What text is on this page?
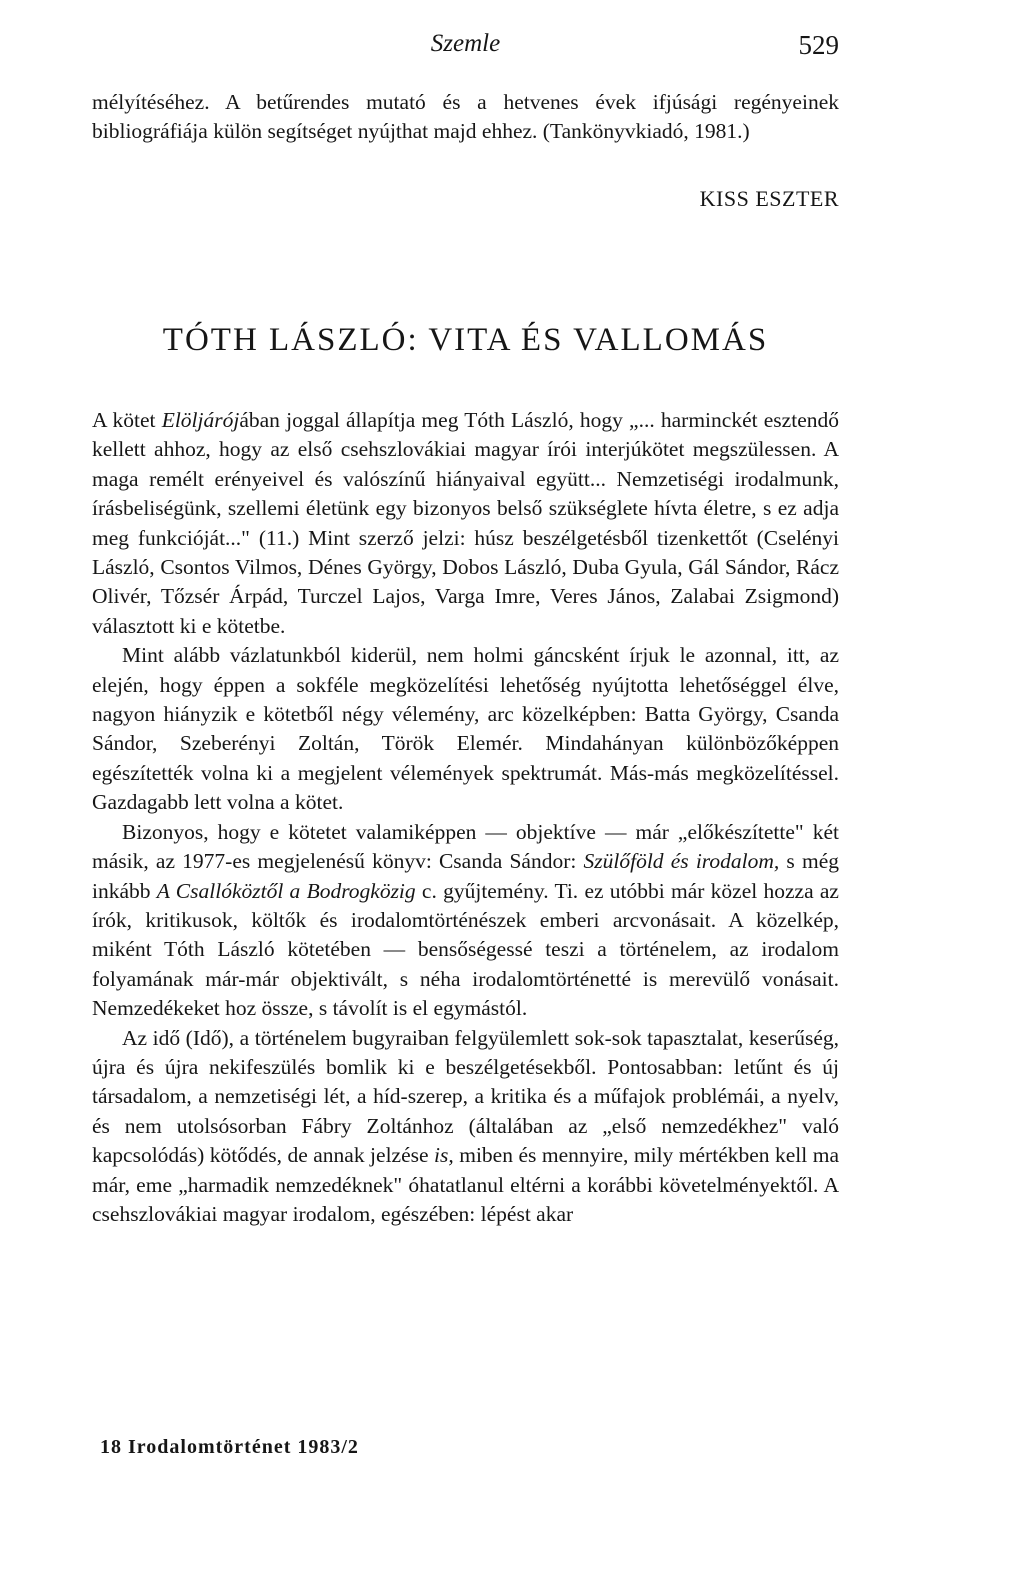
Szemle	529
mélyítéséhez. A betűrendes mutató és a hetvenes évek ifjúsági regényeinek bibliográfiája külön segítséget nyújthat majd ehhez. (Tankönyvkiadó, 1981.)
KISS ESZTER
TÓTH LÁSZLÓ: VITA ÉS VALLOMÁS

A kötet Elöljárójában joggal állapítja meg Tóth László, hogy „... harminckét esztendő kellett ahhoz, hogy az első csehszlovákiai magyar írói interjúkötet megszülessen. A maga remélt erényeivel és valószínű hiányaival együtt... Nemzetiségi irodalmunk, írásbeliségünk, szellemi életünk egy bizonyos belső szükséglete hívta életre, s ez adja meg funkcióját..." (11.) Mint szerző jelzi: húsz beszélgetésből tizenkettőt (Cselényi László, Csontos Vilmos, Dénes György, Dobos László, Duba Gyula, Gál Sándor, Rácz Olivér, Tőzsér Árpád, Turczel Lajos, Varga Imre, Veres János, Zalabai Zsigmond) választott ki e kötetbe.

Mint alább vázlatunkból kiderül, nem holmi gáncsként írjuk le azonnal, itt, az elején, hogy éppen a sokféle megközelítési lehetőség nyújtotta lehetőséggel élve, nagyon hiányzik e kötetből négy vélemény, arc közelképben: Batta György, Csanda Sándor, Szeberényi Zoltán, Török Elemér. Mindahányan különbözőképpen egészítették volna ki a megjelent vélemények spektrumát. Más-más megközelítéssel. Gazdagabb lett volna a kötet.

Bizonyos, hogy e kötetet valamiképpen — objektíve — már „előkészítette" két másik, az 1977-es megjelenésű könyv: Csanda Sándor: Szülőföld és irodalom, s még inkább A Csallóköztől a Bodrogközig c. gyűjtemény. Ti. ez utóbbi már közel hozza az írók, kritikusok, költők és irodalomtörténészek emberi arcvonásait. A közelkép, miként Tóth László kötetében — bensőségessé teszi a történelem, az irodalom folyamának már-már objektivált, s néha irodalomtörténetté is merevülő vonásait. Nemzedékeket hoz össze, s távolít is el egymástól.

Az idő (Idő), a történelem bugyraiban felgyülemlett sok-sok tapasztalat, keserűség, újra és újra nekifeszülés bomlik ki e beszélgetésekből. Pontosabban: letűnt és új társadalom, a nemzetiségi lét, a híd-szerep, a kritika és a műfajok problémái, a nyelv, és nem utolsósorban Fábry Zoltánhoz (általában az „első nemzedékhez" való kapcsolódás) kötődés, de annak jelzése is, miben és mennyire, mily mértékben kell ma már, eme „harmadik nemzedéknek" óhatatlanul eltérni a korábbi követelményektől. A csehszlovákiai magyar irodalom, egészében: lépést akar

18 Irodalomtörténet 1983/2
